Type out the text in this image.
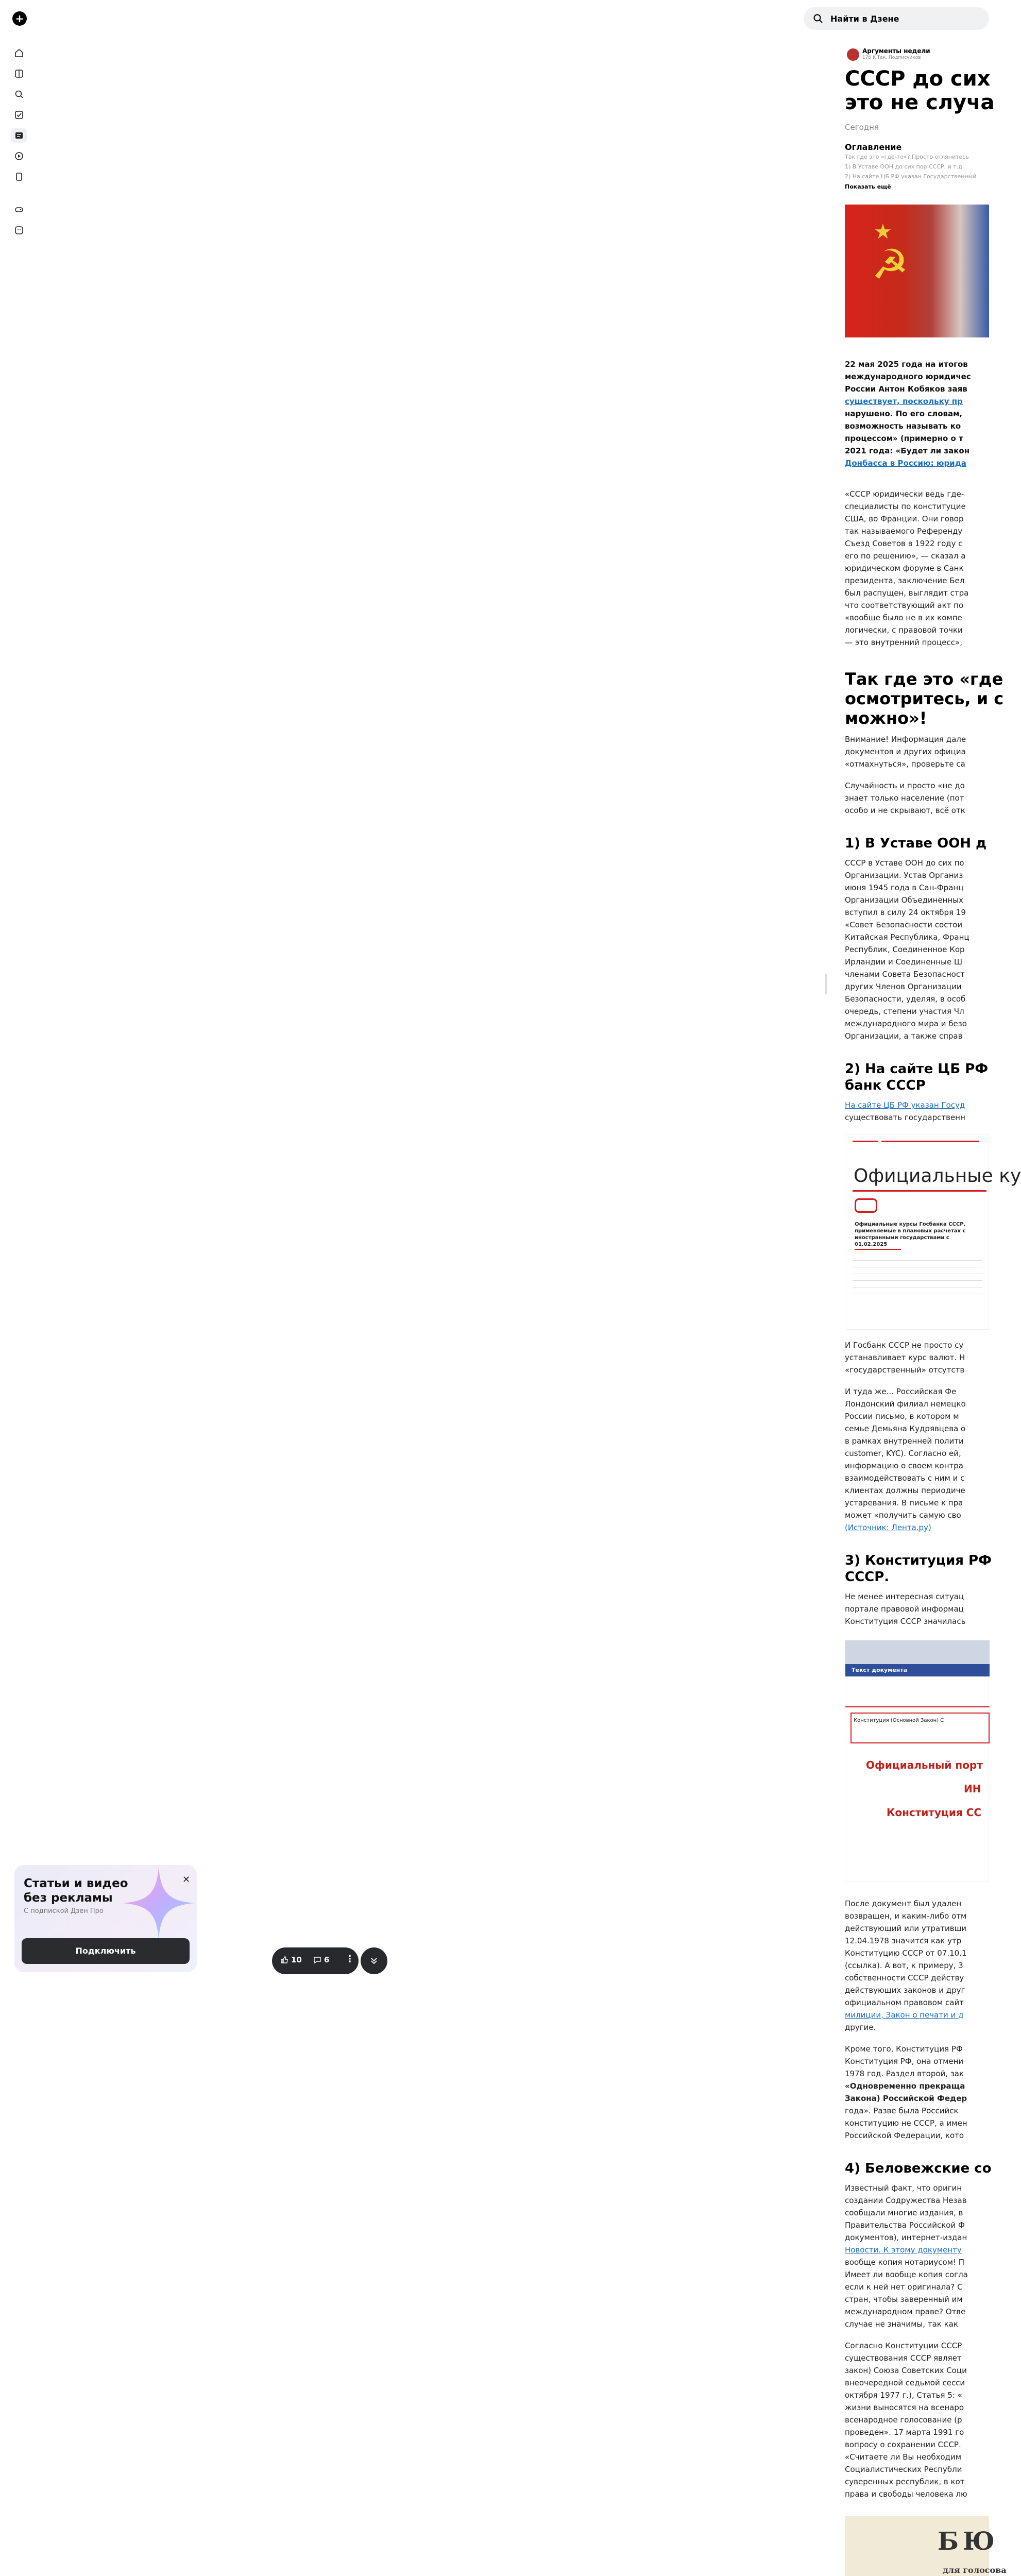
+	Найти в Дзене
Статьи и видео без рекламы
С подпиской Дзен Про
✕
Подключить
10	6 ⋮
Аргументы недели
176 K Так. Подписчиков
СССР до сих
это не случа
Сегодня
Оглавление
Так где это «где-то»? Просто оглянитесь
1) В Уставе ООН до сих пор СССР, и т.д.
2) На сайте ЦБ РФ указан Государственный
Показать ещё
★
☭

22 мая 2025 года на итогов
международного юридичес
России Антон Кобяков заяв
существует, поскольку пр
нарушено. По его словам,
возможность называть ко
процессом» (примерно о т
2021 года: «Будет ли закон
Донбасса в Россию: юрида

«СССР юридически ведь где-
специалисты по конституцие
США, во Франции. Они говор
так называемого Референду
Съезд Советов в 1922 году с
его по решению», — сказал а
юридическом форуме в Санк
президента, заключение Бел
был распущен, выглядит стра
что соответствующий акт по
«вообще было не в их компе
логически, с правовой точки
— это внутренний процесс»,

Так где это «где
осмотритесь, и с
можно»!

Внимание! Информация дале
документов и других официа
«отмахнуться», проверьте са

Случайность и просто «не до
знает только население (пот
особо и не скрывают, всё отк

1) В Уставе ООН д

СССР в Уставе ООН до сих по
Организации. Устав Организ
июня 1945 года в Сан-Франц
Организации Объединенных
вступил в силу 24 октября 19
«Совет Безопасности состои
Китайская Республика, Франц
Республик, Соединенное Кор
Ирландии и Соединенные Ш
членами Совета Безопасност
других Членов Организации
Безопасности, уделяя, в особ
очередь, степени участия Чл
международного мира и безо
Организации, а также справ

2) На сайте ЦБ РФ
банк СССР

На сайте ЦБ РФ указан Госуд
существовать государственн

Официальные ку
Официальные курсы Госбанка СССР, применяемые в плановых расчетах с иностранными государствами с 01.02.2025

И Госбанк СССР не просто су
устанавливает курс валют. Н
«государственный» отсутств

И туда же... Российская Фе
Лондонский филиал немецко
России письмо, в котором м
семье Демьяна Кудрявцева о
в рамках внутренней полити
customer, KYC). Согласно ей,
информацию о своем контра
взаимодействовать с ним и с
клиентах должны периодиче
устаревания. В письме к пра
может «получить самую сво
(Источник: Лента.ру)

3) Конституция РФ
СССР.

Не менее интересная ситуац
портале правовой информац
Конституция СССР значилась

Текст документа
Конституция (Основной Закон) С
Официальный порт
ИН
Конституция СС

После документ был удален
возвращен, и каким-либо отм
действующий или утративши
12.04.1978 значится как утр
Конституцию СССР от 07.10.1
(ссылка). А вот, к примеру, 3
собственности СССР действу
действующих законов и друг
официальном правовом сайт
милиции, Закон о печати и д
другие.

Кроме того, Конституция РФ
Конституция РФ, она отмени
1978 год. Раздел второй, зак
«Одновременно прекраща
Закона) Российской Федер
года». Разве была Российск
конституцию не СССР, а имен
Российской Федерации, кото

4) Беловежские со

Известный факт, что оригин
создании Содружества Незав
сообщали многие издания, в
Правительства Российской Ф
документов), интернет-издан
Новости. К этому документу
вообще копия нотариусом! П
Имеет ли вообще копия согла
если к ней нет оригинала? С
стран, чтобы заверенный им
международном праве? Отве
случае не значимы, так как

Согласно Конституции СССР
существования СССР являет
закон) Союза Советских Соци
внеочередной седьмой сесси
октября 1977 г.), Статья 5: «
жизни выносятся на всенаро
всенародное голосование (р
проведен». 17 марта 1991 го
вопросу о сохранении СССР.
«Считаете ли Вы необходим
Социалистических Республи
суверенных республик, в кот
права и свободы человека лю

БЮ
для голосова
